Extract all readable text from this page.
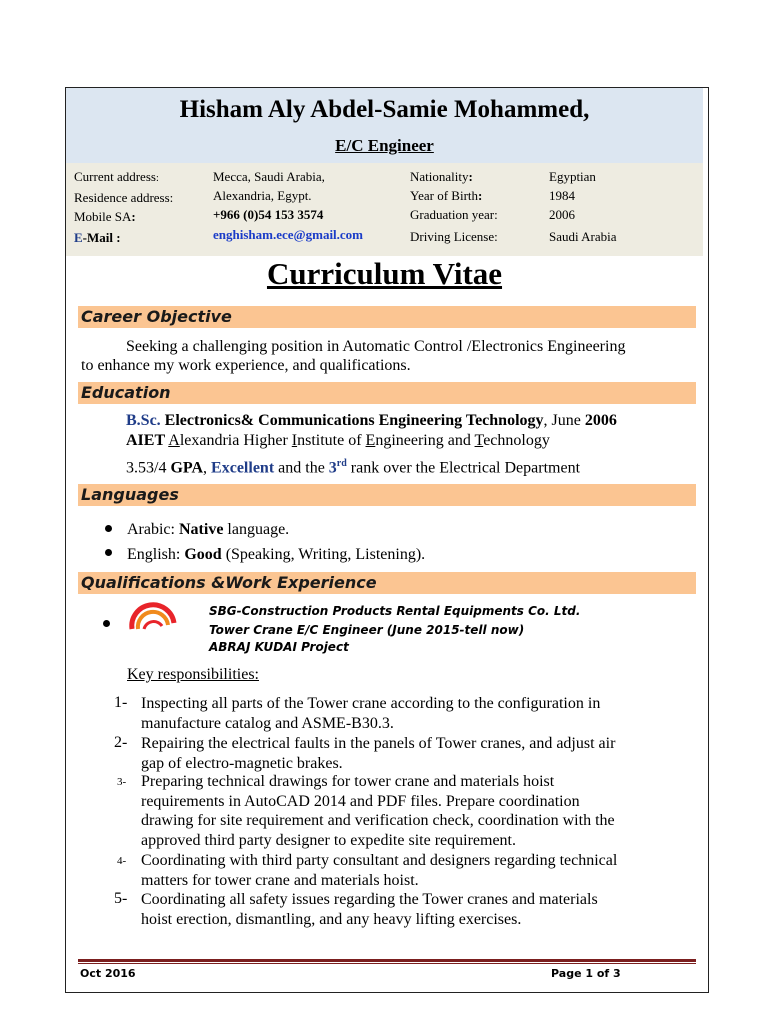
Hisham Aly Abdel-Samie Mohammed,
E/C Engineer
Current address:
Residence address:
Mobile SA:
E-Mail :
Mecca, Saudi Arabia,
Alexandria, Egypt.
+966 (0)54 153 3574
enghisham.ece@gmail.com
Nationality:
Year of Birth:
Graduation year:
Driving License:
Egyptian
1984
2006
Saudi Arabia
Curriculum Vitae
Career Objective
Seeking a challenging position in Automatic Control /Electronics Engineering
to enhance my work experience, and qualifications.
Education
B.Sc. Electronics& Communications Engineering Technology, June 2006
AIET Alexandria Higher Institute of Engineering and Technology
3.53/4 GPA, Excellent and the 3rd rank over the Electrical Department
Languages
Arabic: Native language.
English: Good (Speaking, Writing, Listening).
Qualifications &Work Experience
SBG-Construction Products Rental Equipments Co. Ltd.
Tower Crane E/C Engineer (June 2015-tell now)
ABRAJ KUDAI Project
Key responsibilities:
1- Inspecting all parts of the Tower crane according to the configuration in
manufacture catalog and ASME-B30.3.
2- Repairing the electrical faults in the panels of Tower cranes, and adjust air
gap of electro-magnetic brakes.
3- Preparing technical drawings for tower crane and materials hoist
requirements in AutoCAD 2014 and PDF files. Prepare coordination
drawing for site requirement and verification check, coordination with the
approved third party designer to expedite site requirement.
4- Coordinating with third party consultant and designers regarding technical
matters for tower crane and materials hoist.
5- Coordinating all safety issues regarding the Tower cranes and materials
hoist erection, dismantling, and any heavy lifting exercises.
Oct 2016	Page 1 of 3
